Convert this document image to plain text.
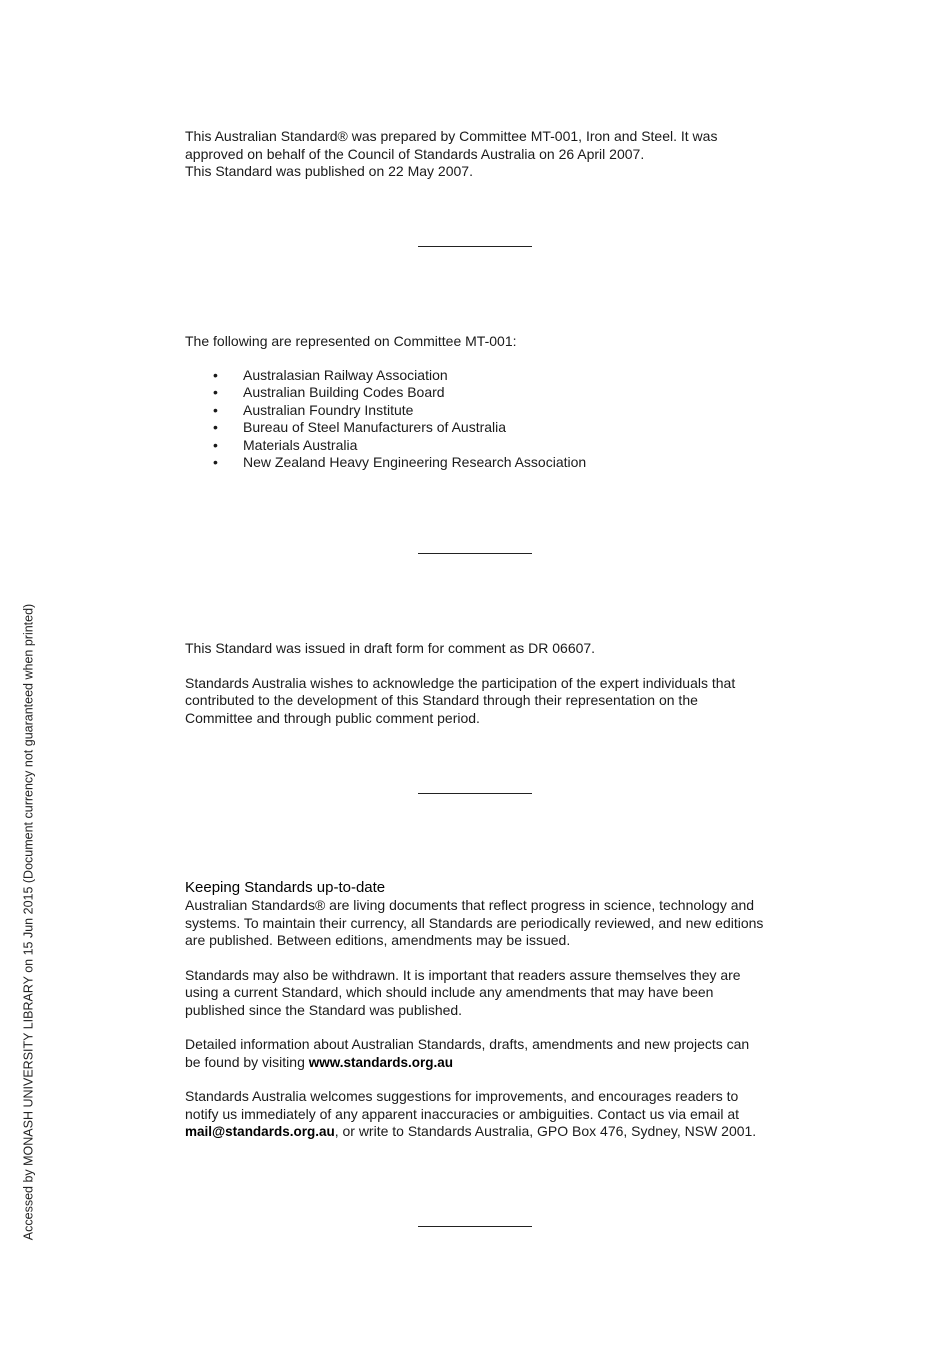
This Australian Standard® was prepared by Committee MT-001, Iron and Steel. It was

approved on behalf of the Council of Standards Australia on 26 April 2007.

This Standard was published on 22 May 2007.

The following are represented on Committee MT-001:

• Australasian Railway Association
• Australian Building Codes Board
• Australian Foundry Institute
• Bureau of Steel Manufacturers of Australia
• Materials Australia
• New Zealand Heavy Engineering Research Association

This Standard was issued in draft form for comment as DR 06607.

Standards Australia wishes to acknowledge the participation of the expert individuals that

contributed to the development of this Standard through their representation on the

Committee and through public comment period.

Keeping Standards up-to-date

Australian Standards® are living documents that reflect progress in science, technology and

systems. To maintain their currency, all Standards are periodically reviewed, and new editions

are published. Between editions, amendments may be issued.

Standards may also be withdrawn. It is important that readers assure themselves they are

using a current Standard, which should include any amendments that may have been

published since the Standard was published.

Detailed information about Australian Standards, drafts, amendments and new projects can

be found by visiting www.standards.org.au

Standards Australia welcomes suggestions for improvements, and encourages readers to

notify us immediately of any apparent inaccuracies or ambiguities. Contact us via email at

mail@standards.org.au, or write to Standards Australia, GPO Box 476, Sydney, NSW 2001.

Accessed by MONASH UNIVERSITY LIBRARY on 15 Jun 2015 (Document currency not guaranteed when printed)
